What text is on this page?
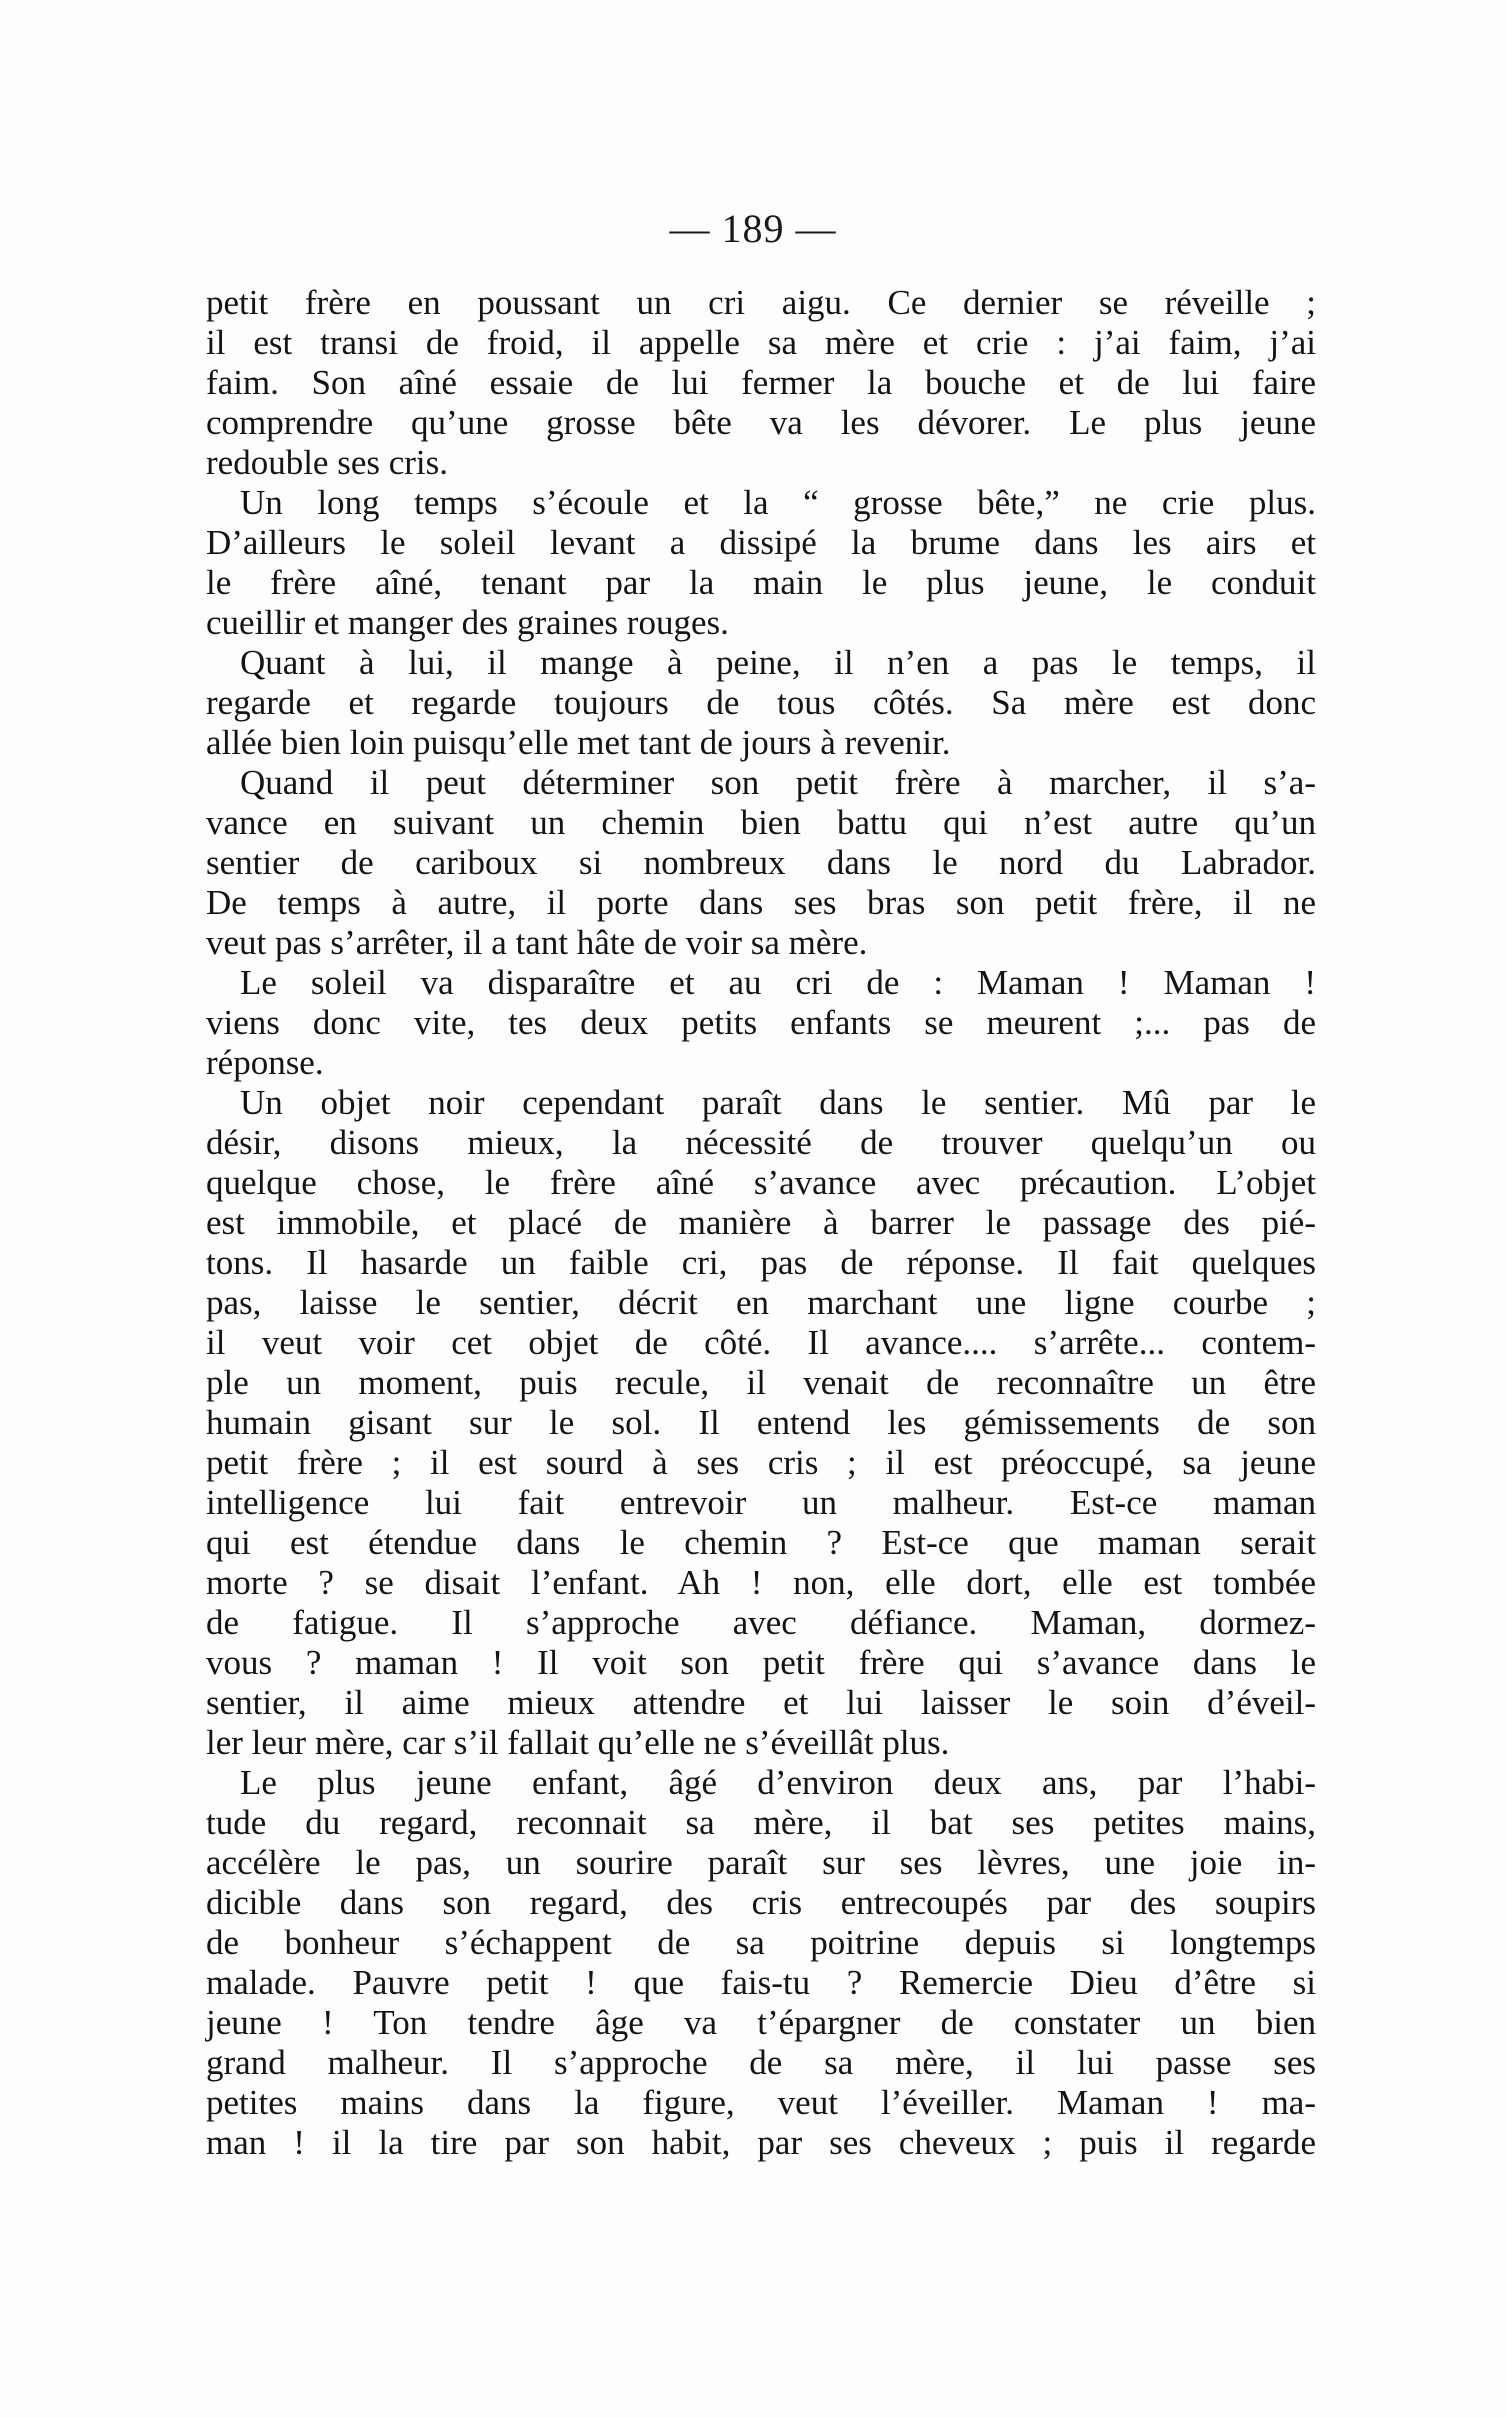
— 189 —
petit frère en poussant un cri aigu. Ce dernier se réveille ;
il est transi de froid, il appelle sa mère et crie : j’ai faim, j’ai
faim. Son aîné essaie de lui fermer la bouche et de lui faire
comprendre qu’une grosse bête va les dévorer. Le plus jeune
redouble ses cris.
Un long temps s’écoule et la “ grosse bête,” ne crie plus.
D’ailleurs le soleil levant a dissipé la brume dans les airs et
le frère aîné, tenant par la main le plus jeune, le conduit
cueillir et manger des graines rouges.
Quant à lui, il mange à peine, il n’en a pas le temps, il
regarde et regarde toujours de tous côtés. Sa mère est donc
allée bien loin puisqu’elle met tant de jours à revenir.
Quand il peut déterminer son petit frère à marcher, il s’a-
vance en suivant un chemin bien battu qui n’est autre qu’un
sentier de cariboux si nombreux dans le nord du Labrador.
De temps à autre, il porte dans ses bras son petit frère, il ne
veut pas s’arrêter, il a tant hâte de voir sa mère.
Le soleil va disparaître et au cri de : Maman ! Maman !
viens donc vite, tes deux petits enfants se meurent ;... pas de
réponse.
Un objet noir cependant paraît dans le sentier. Mû par le
désir, disons mieux, la nécessité de trouver quelqu’un ou
quelque chose, le frère aîné s’avance avec précaution. L’objet
est immobile, et placé de manière à barrer le passage des pié-
tons. Il hasarde un faible cri, pas de réponse. Il fait quelques
pas, laisse le sentier, décrit en marchant une ligne courbe ;
il veut voir cet objet de côté. Il avance.... s’arrête... contem-
ple un moment, puis recule, il venait de reconnaître un être
humain gisant sur le sol. Il entend les gémissements de son
petit frère ; il est sourd à ses cris ; il est préoccupé, sa jeune
intelligence lui fait entrevoir un malheur. Est-ce maman
qui est étendue dans le chemin ? Est-ce que maman serait
morte ? se disait l’enfant. Ah ! non, elle dort, elle est tombée
de fatigue. Il s’approche avec défiance. Maman, dormez-
vous ? maman ! Il voit son petit frère qui s’avance dans le
sentier, il aime mieux attendre et lui laisser le soin d’éveil-
ler leur mère, car s’il fallait qu’elle ne s’éveillât plus.
Le plus jeune enfant, âgé d’environ deux ans, par l’habi-
tude du regard, reconnait sa mère, il bat ses petites mains,
accélère le pas, un sourire paraît sur ses lèvres, une joie in-
dicible dans son regard, des cris entrecoupés par des soupirs
de bonheur s’échappent de sa poitrine depuis si longtemps
malade. Pauvre petit ! que fais-tu ? Remercie Dieu d’être si
jeune ! Ton tendre âge va t’épargner de constater un bien
grand malheur. Il s’approche de sa mère, il lui passe ses
petites mains dans la figure, veut l’éveiller. Maman ! ma-
man ! il la tire par son habit, par ses cheveux ; puis il regarde
